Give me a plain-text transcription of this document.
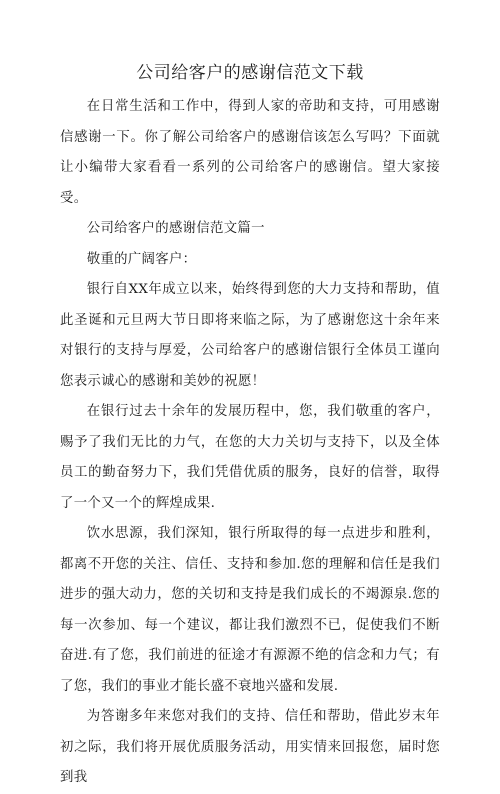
公司给客户的感谢信范文下载

在日常生活和工作中，得到人家的帝助和支持，可用感谢信感谢一下。你了解公司给客户的感谢信该怎么写吗？下面就让小编带大家看看一系列的公司给客户的感谢信。望大家接受。

公司给客户的感谢信范文篇一

敬重的广阔客户：

银行自XX年成立以来，始终得到您的大力支持和帮助，值此圣诞和元旦两大节日即将来临之际，为了感谢您这十余年来对银行的支持与厚爱，公司给客户的感谢信银行全体员工谨向您表示诚心的感谢和美妙的祝愿！

在银行过去十余年的发展历程中，您，我们敬重的客户，赐予了我们无比的力气，在您的大力关切与支持下，以及全体员工的勤奋努力下，我们凭借优质的服务，良好的信誉，取得了一个又一个的辉煌成果.

饮水思源，我们深知，银行所取得的每一点进步和胜利，都离不开您的关注、信任、支持和参加.您的理解和信任是我们进步的强大动力，您的关切和支持是我们成长的不竭源泉.您的每一次参加、每一个建议，都让我们激烈不已，促使我们不断奋进.有了您，我们前进的征途才有源源不绝的信念和力气；有了您，我们的事业才能长盛不衰地兴盛和发展.

为答谢多年来您对我们的支持、信任和帮助，借此岁末年初之际，我们将开展优质服务活动，用实情来回报您，届时您到我
